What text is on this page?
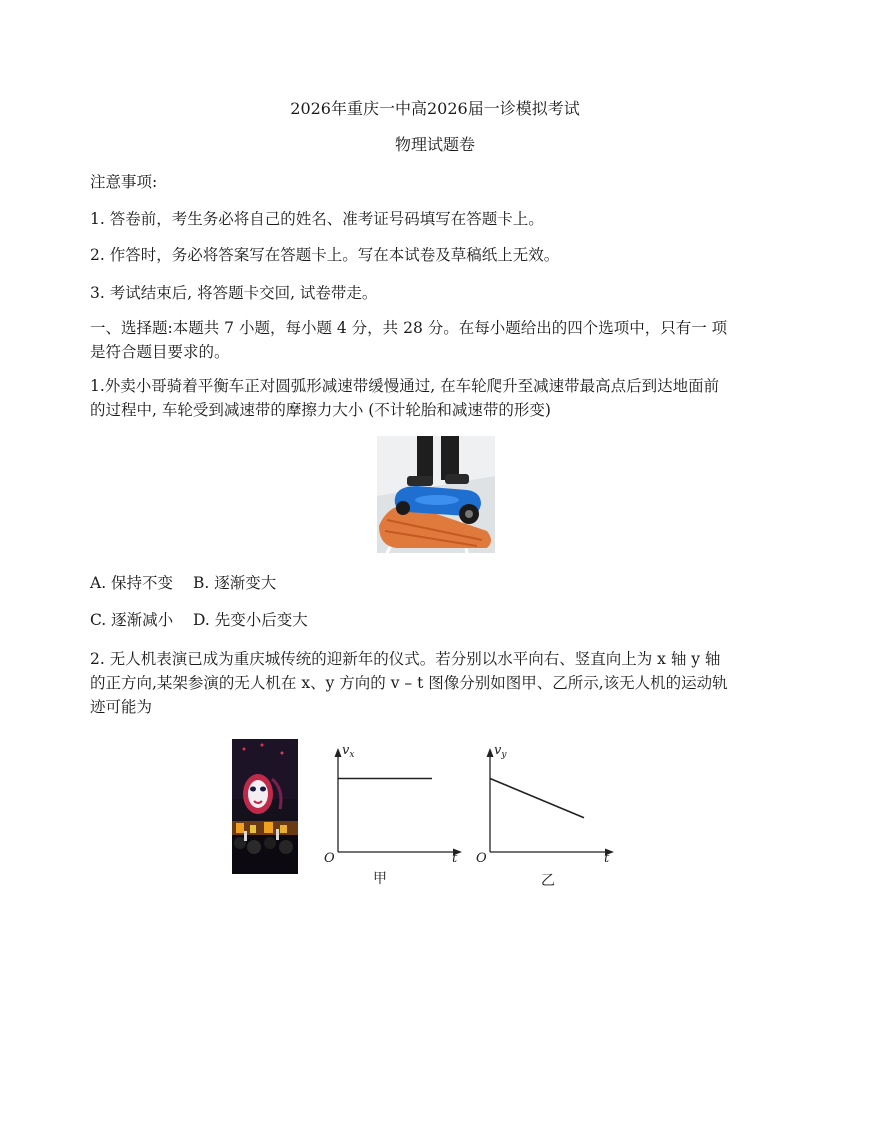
2026年重庆一中高2026届一诊模拟考试
物理试题卷
注意事项:
1. 答卷前，考生务必将自己的姓名、准考证号码填写在答题卡上。
2. 作答时，务必将答案写在答题卡上。写在本试卷及草稿纸上无效。
3. 考试结束后, 将答题卡交回, 试卷带走。
一、选择题:本题共 7 小题，每小题 4 分，共 28 分。在每小题给出的四个选项中，只有一 项
是符合题目要求的。
1.外卖小哥骑着平衡车正对圆弧形减速带缓慢通过, 在车轮爬升至减速带最高点后到达地面前
的过程中, 车轮受到减速带的摩擦力大小 (不计轮胎和减速带的形变)
A. 保持不变 B. 逐渐变大
C. 逐渐减小 D. 先变小后变大
2. 无人机表演已成为重庆城传统的迎新年的仪式。若分别以水平向右、竖直向上为 x 轴 y 轴
的正方向,某架参演的无人机在 x、y 方向的 v – t 图像分别如图甲、乙所示,该无人机的运动轨
迹可能为
$v_x$
t
O
甲
$v_y$
t
O
乙
